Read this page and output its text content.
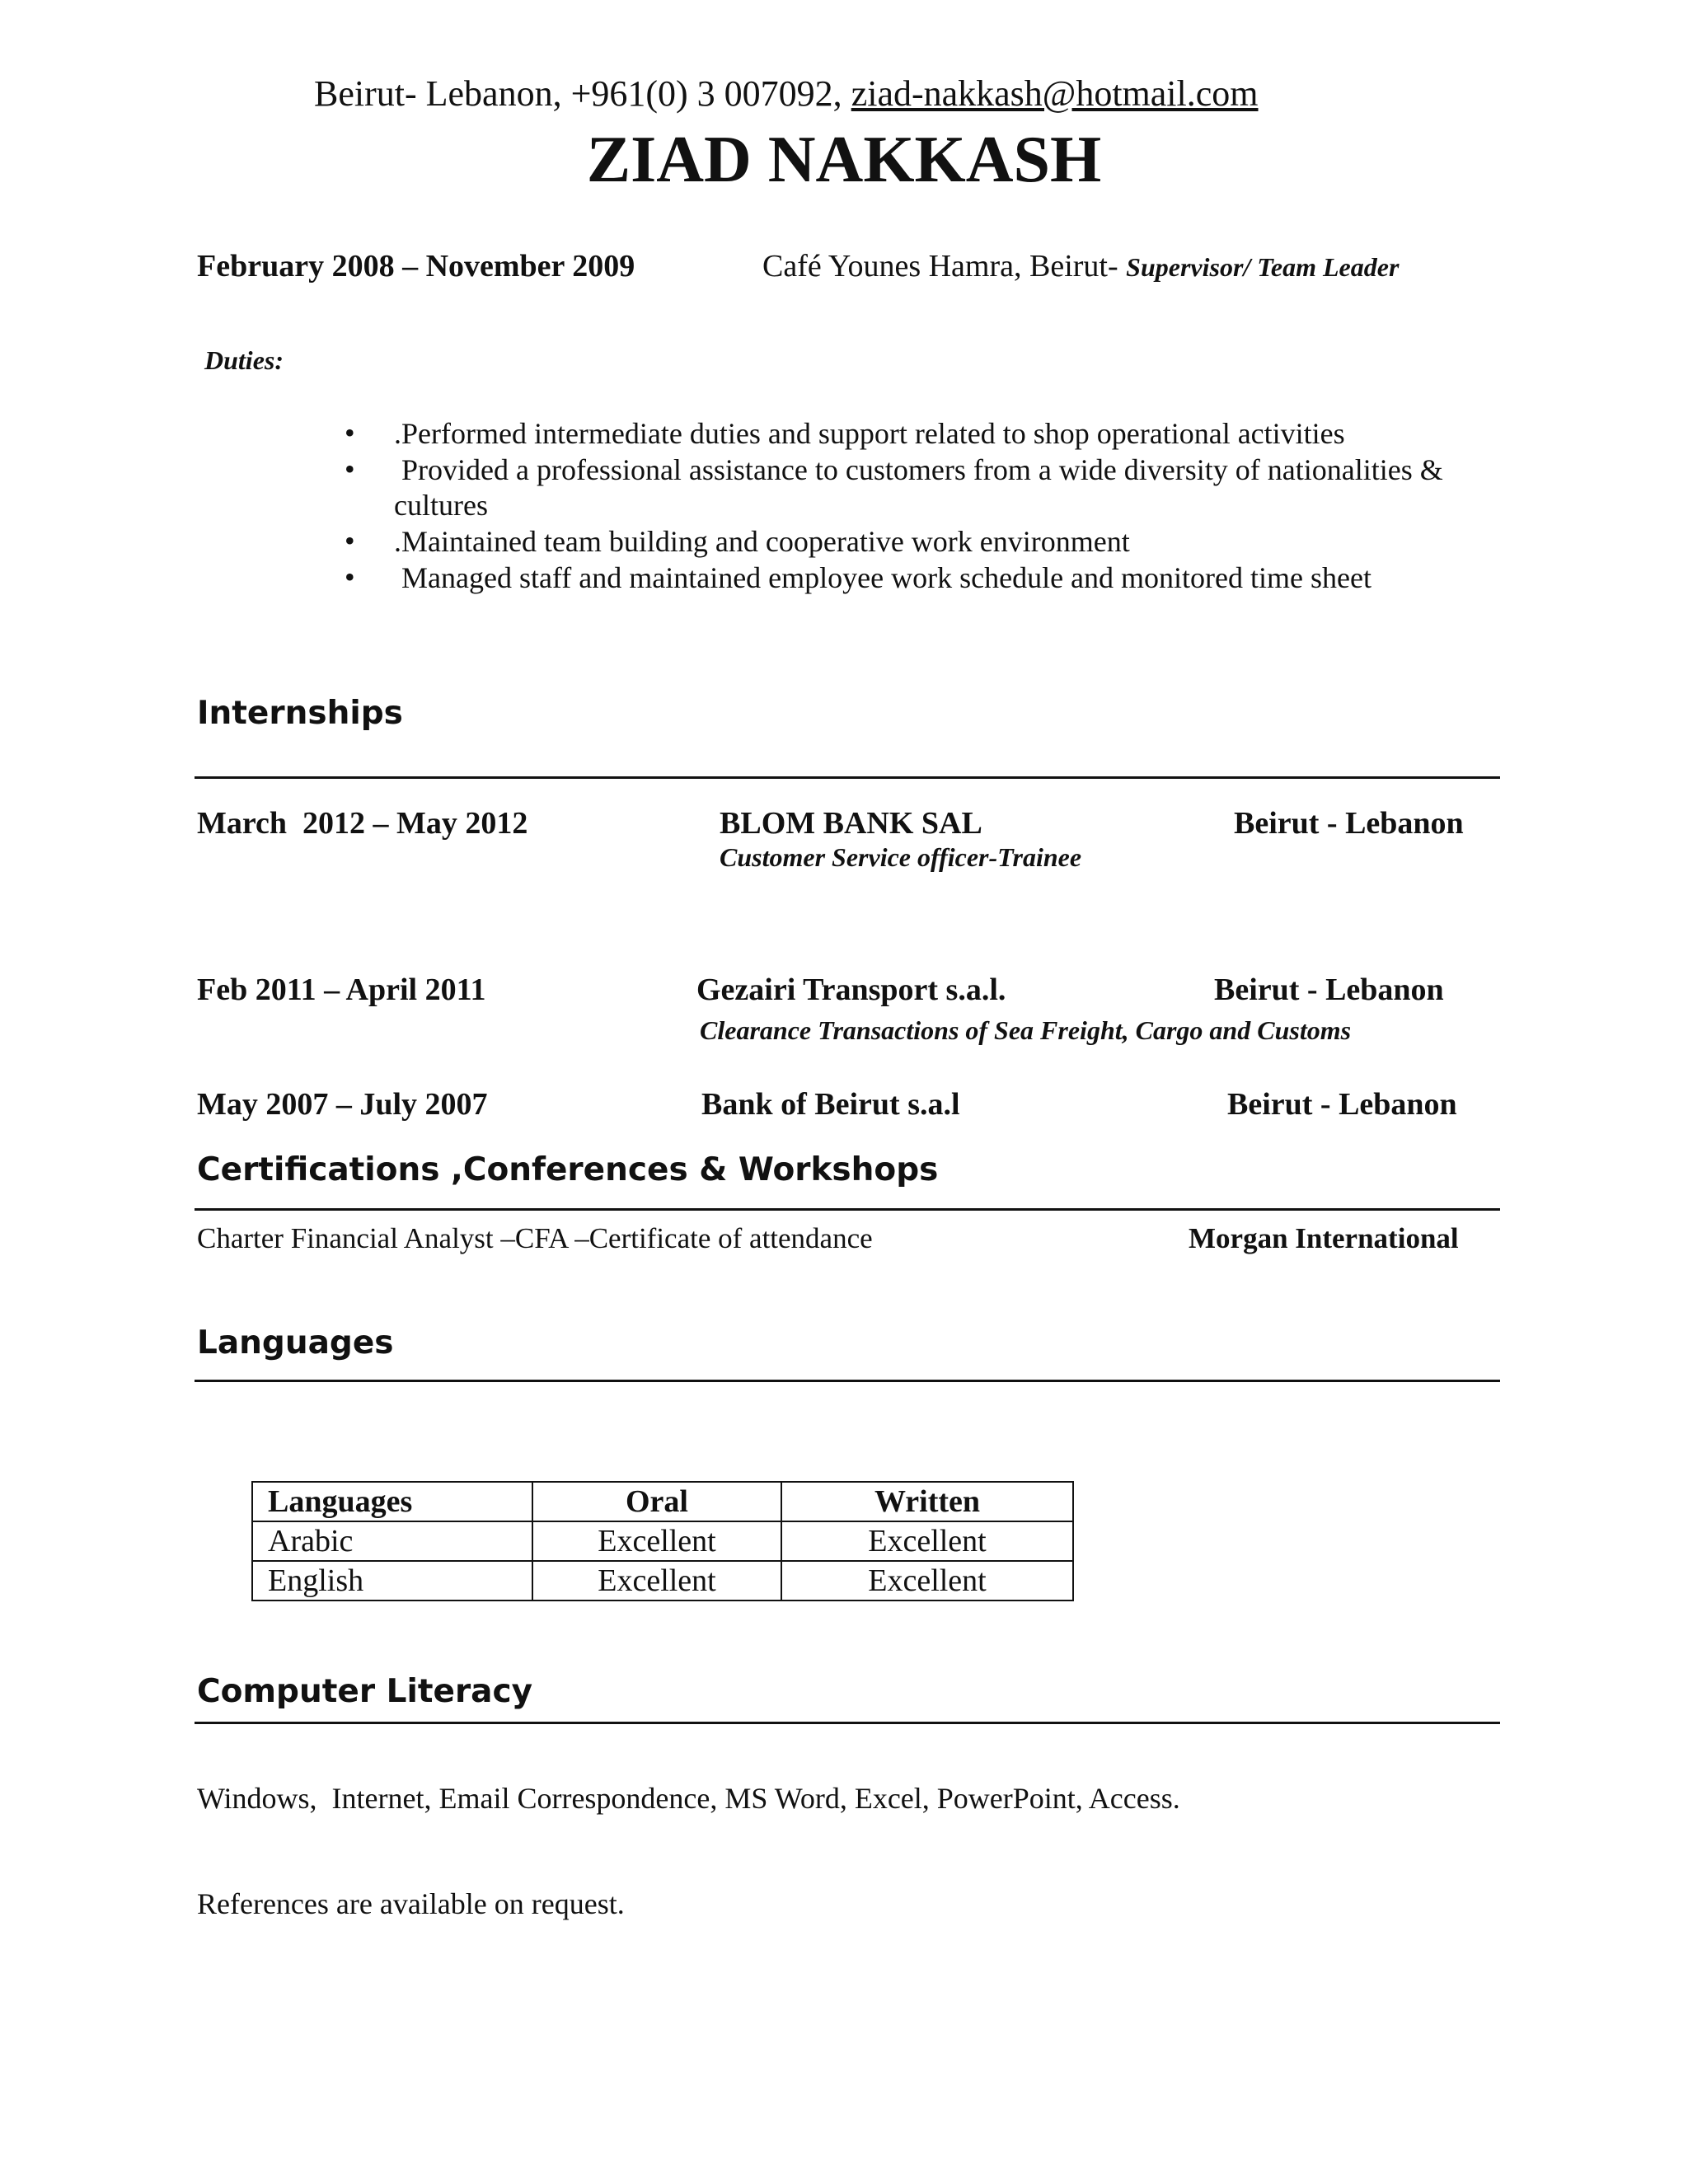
Beirut- Lebanon, +961(0) 3 007092, ziad-nakkash@hotmail.com
ZIAD NAKKASH
February 2008 – November 2009	Café Younes Hamra, Beirut- Supervisor/ Team Leader
Duties:
• .Performed intermediate duties and support related to shop operational activities
• Provided a professional assistance to customers from a wide diversity of nationalities &
cultures
• .Maintained team building and cooperative work environment
• Managed staff and maintained employee work schedule and monitored time sheet
Internships
March  2012 – May 2012	BLOM BANK SAL	Beirut - Lebanon
Customer Service officer-Trainee
Feb 2011 – April 2011	Gezairi Transport s.a.l.	Beirut - Lebanon
Clearance Transactions of Sea Freight, Cargo and Customs
May 2007 – July 2007	Bank of Beirut s.a.l	Beirut - Lebanon
Certifications ,Conferences & Workshops
Charter Financial Analyst –CFA –Certificate of attendance	Morgan International
Languages
Languages	Oral	Written
Arabic	Excellent	Excellent
English	Excellent	Excellent
Computer Literacy
Windows,  Internet, Email Correspondence, MS Word, Excel, PowerPoint, Access.
References are available on request.
